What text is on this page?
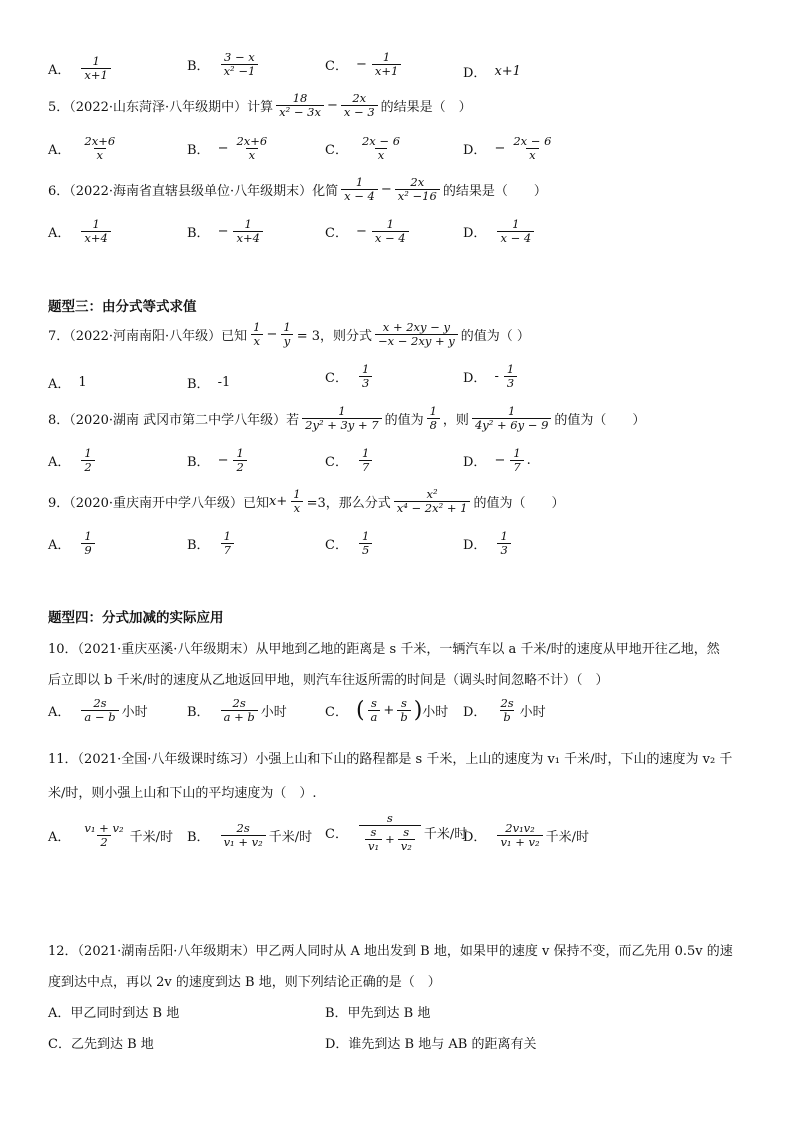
A． $\frac{1}{x+1}$	B． $\frac{3 - x}{\text{x² −1}}$	C． − $\frac{1}{x+1}$	D． x+1
5．（2022·山东菏泽·八年级期中）计算 $\frac{18}{\text{x² − 3x}} - \frac{2x}{x - 3}$ 的结果是（　）
A． $\frac{2x+6}{x}$	B． − $\frac{2x+6}{x}$	C． $\frac{2x - 6}{x}$	D． − $\frac{2x - 6}{x}$
6．（2022·海南省直辖县级单位·八年级期末）化简 $\frac{1}{x - 4} - \frac{2x}{\text{x² −16}}$ 的结果是（　　）
A． $\frac{1}{x+4}$	B． − $\frac{1}{x+4}$	C． − $\frac{1}{x - 4}$	D． $\frac{1}{x - 4}$
题型三：由分式等式求值
7．（2022·河南南阳·八年级）已知 $\frac{1}{x} - \frac{1}{y} = 3$，则分式 $\frac{x + 2xy - y}{-x - 2xy + y}$ 的值为（ ）
A． 1	B． -1	C． $\frac{1}{3}$	D． - $\frac{1}{3}$
8．（2020·湖南 武冈市第二中学八年级）若 $\frac{1}{\text{2y² + 3y + 7}}$ 的值为 $\frac{1}{8}$ ，则 $\frac{1}{\text{4y² + 6y − 9}}$ 的值为（　　）
A． $\frac{1}{2}$	B． − $\frac{1}{2}$	C． $\frac{1}{7}$	D． − $\frac{1}{7}$ .
9．（2020·重庆南开中学八年级）已知 $x+ \frac{1}{x} =3$，那么分式 $\frac{\text{x²}}{\text{x⁴ − 2x² + 1}}$ 的值为（　　）
A． $\frac{1}{9}$	B． $\frac{1}{7}$	C． $\frac{1}{5}$	D． $\frac{1}{3}$
题型四：分式加减的实际应用
10．（2021·重庆巫溪·八年级期末）从甲地到乙地的距离是 s 千米，一辆汽车以 a 千米/时的速度从甲地开往乙地，然
后立即以 b 千米/时的速度从乙地返回甲地，则汽车往返所需的时间是（调头时间忽略不计）（　）
A． $\frac{2s}{a - b}$ 小时	B． $\frac{2s}{a + b}$ 小时	C． ( $\frac{s}{a} + \frac{s}{b}$ ) 小时 D． $\frac{2s}{b}$ 小时
11．（2021·全国·八年级课时练习）小强上山和下山的路程都是 s 千米，上山的速度为 v₁ 千米/时，下山的速度为 v₂ 千
米/时，则小强上山和下山的平均速度为（　）.
A． $\frac{\text{v₁ + v₂}}{2}$ 千米/时 B． $\frac{2s}{\text{v₁ + v₂}}$ 千米/时 C． $\frac{s}{\frac{s}{\text{v₁}} + \frac{s}{\text{v₂}}}$ 千米/时
D． $\frac{\text{2v₁v₂}}{\text{v₁ + v₂}}$ 千米/时
12．（2021·湖南岳阳·八年级期末）甲乙两人同时从 A 地出发到 B 地，如果甲的速度 v 保持不变，而乙先用 0.5v 的速
度到达中点，再以 2v 的速度到达 B 地，则下列结论正确的是（　）
A．甲乙同时到达 B 地	B．甲先到达 B 地
C．乙先到达 B 地	D．谁先到达 B 地与 AB 的距离有关
